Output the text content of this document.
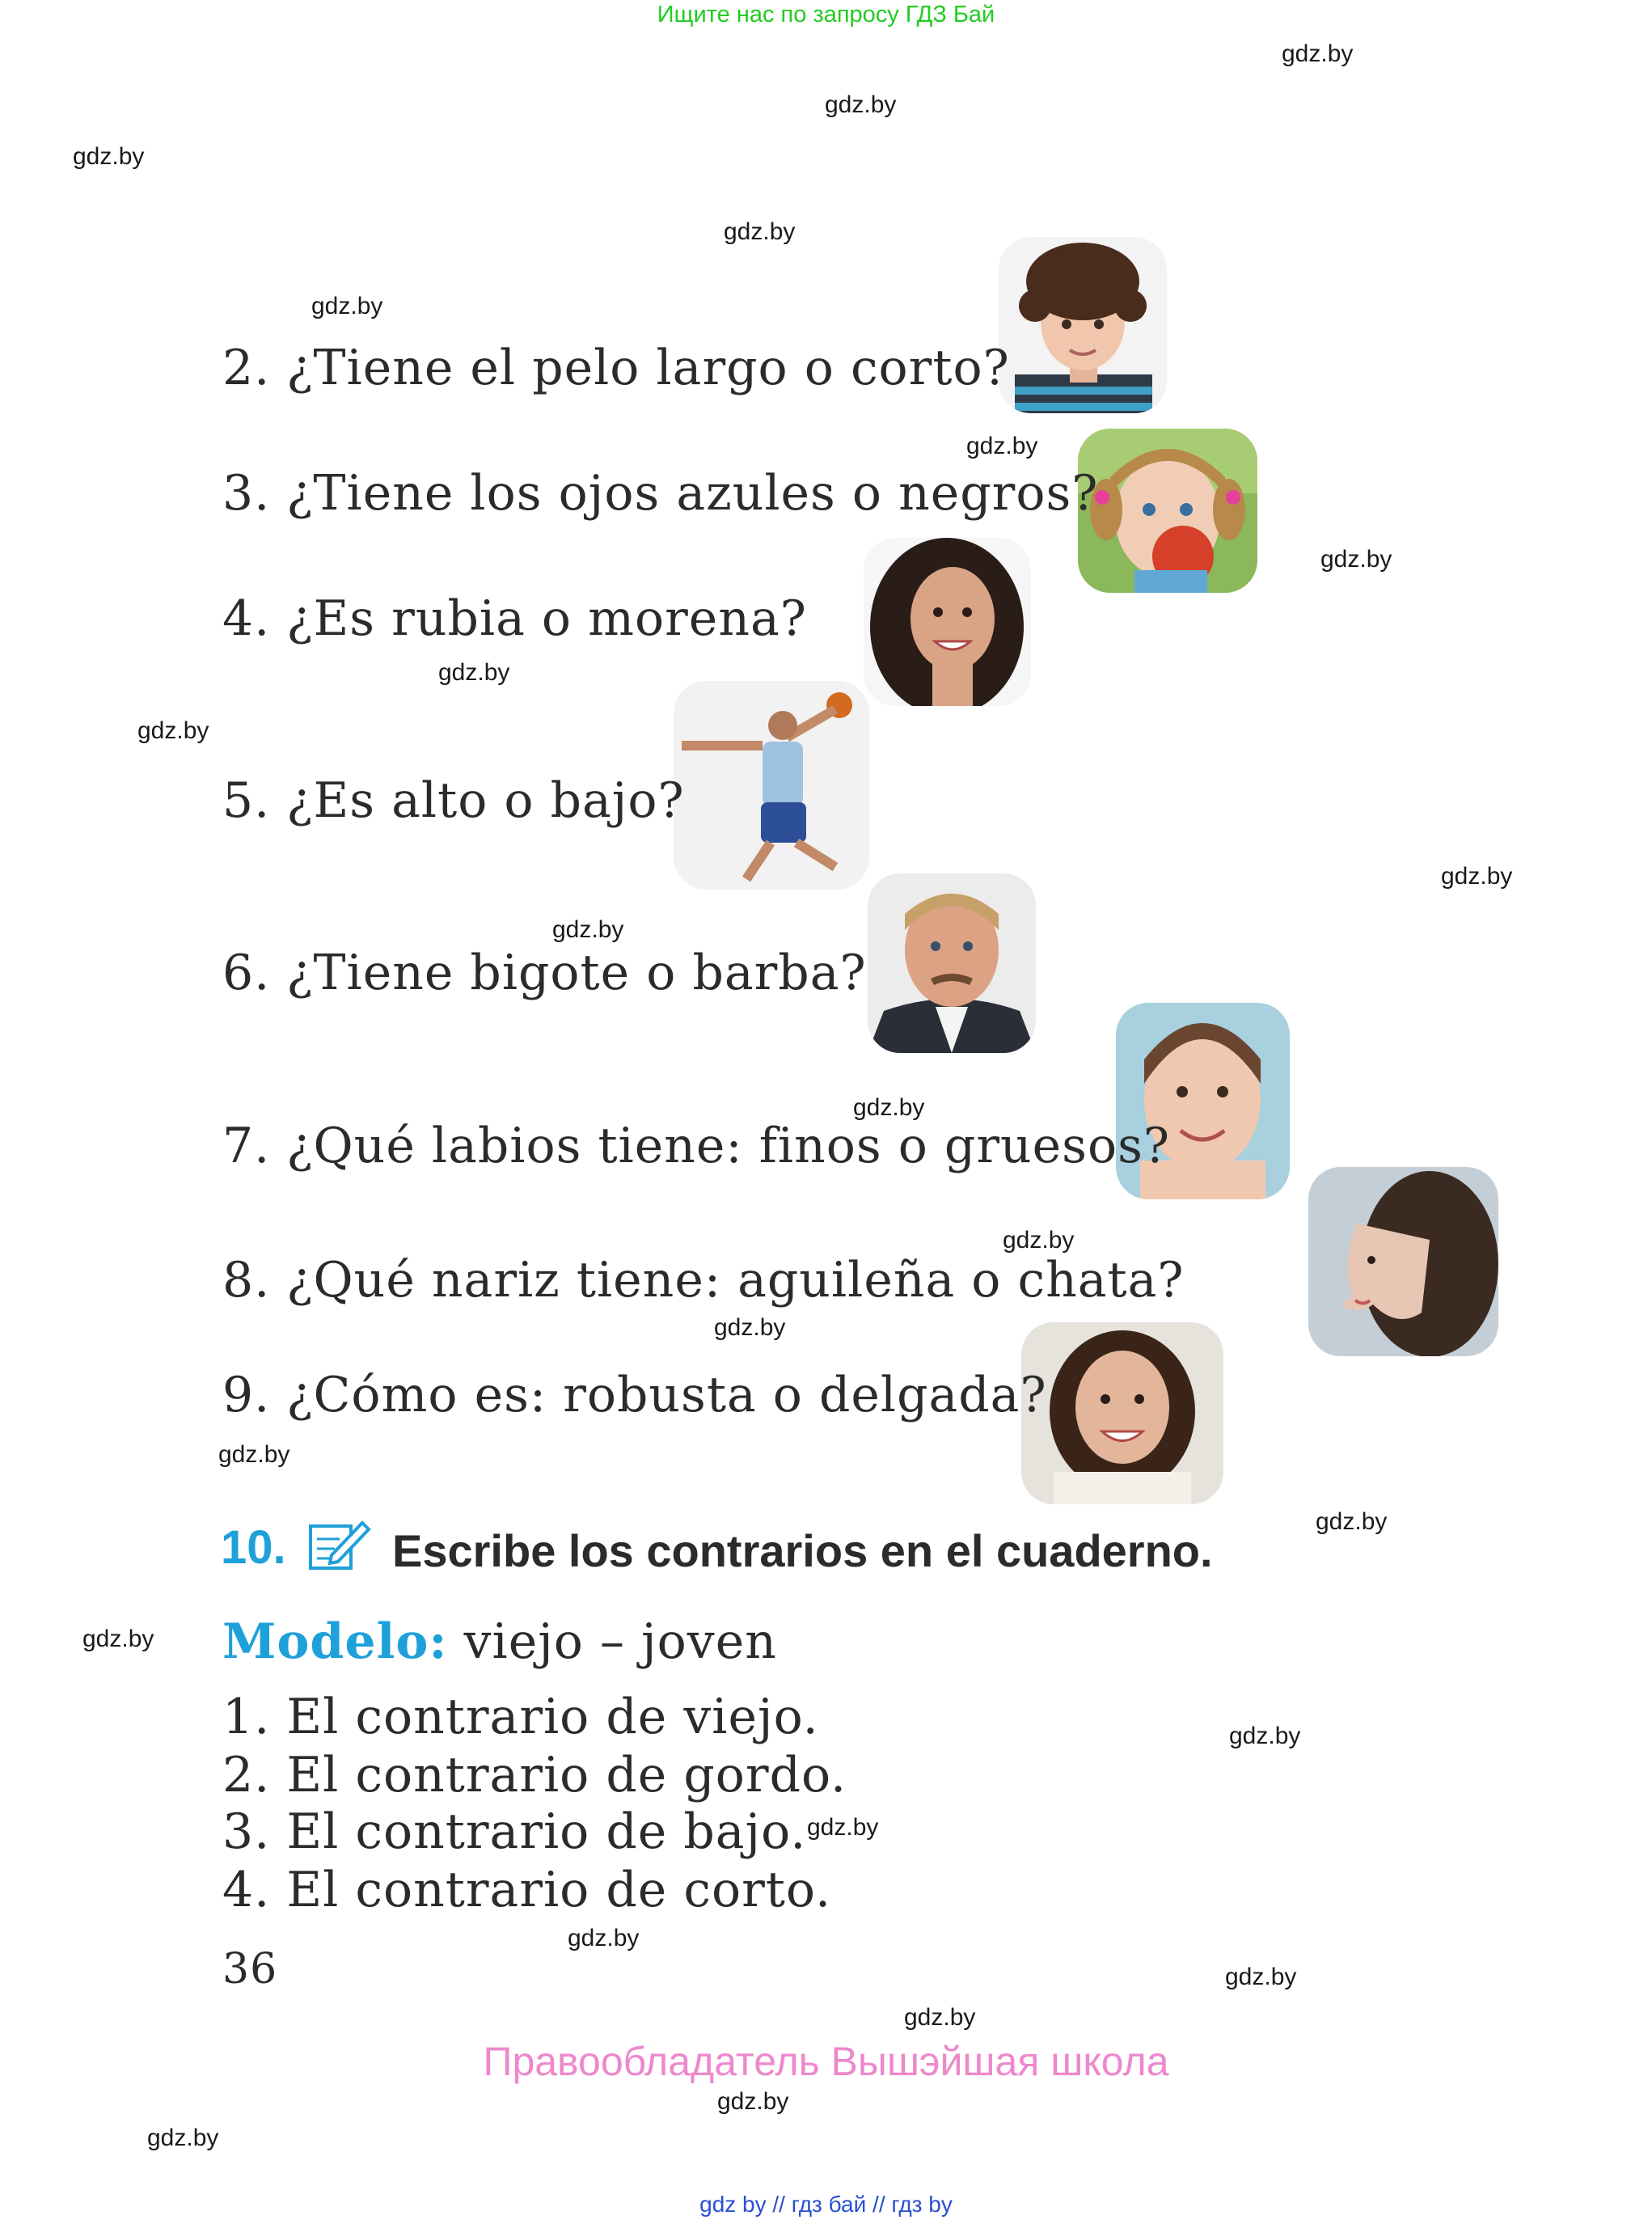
Ищите нас по запросу ГДЗ Бай
gdz.by
gdz.by
gdz.by
gdz.by
gdz.by
gdz.by
gdz.by
gdz.by
gdz.by
gdz.by
gdz.by
gdz.by
gdz.by
gdz.by
gdz.by
gdz.by
gdz.by
gdz.by
gdz.by
gdz.by
gdz.by
gdz.by
gdz.by
gdz.by
2. ¿Tiene el pelo largo o corto?
3. ¿Tiene los ojos azules o negros?
4. ¿Es rubia o morena?
5. ¿Es alto o bajo?
6. ¿Tiene bigote o barba?
7. ¿Qué labios tiene: finos o gruesos?
8. ¿Qué nariz tiene: aguileña o chata?
9. ¿Cómo es: robusta o delgada?
10. Escribe los contrarios en el cuaderno.
Modelo: viejo – joven
1. El contrario de viejo.
2. El contrario de gordo.
3. El contrario de bajo.
4. El contrario de corto.
36
Правообладатель Вышэйшая школа
gdz by // гдз бай // гдз by
